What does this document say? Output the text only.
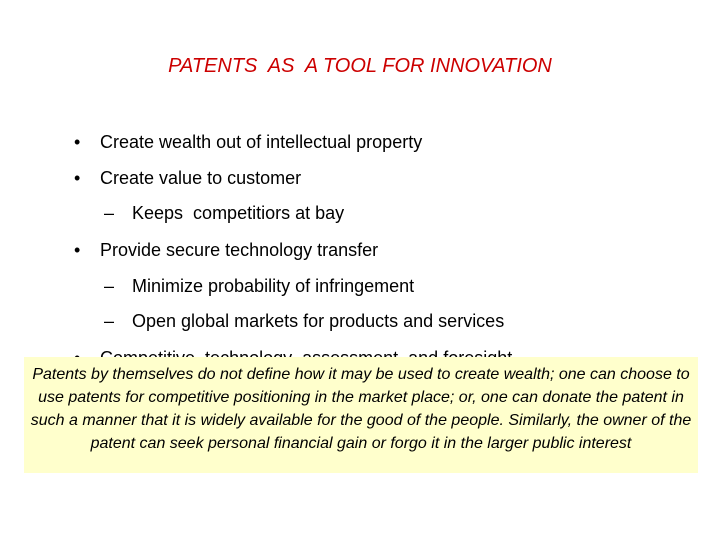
PATENTS  AS  A TOOL FOR INNOVATION

• Create wealth out of intellectual property

• Create value to customer

– Keeps  competitiors at bay

• Provide secure technology transfer

– Minimize probability of infringement

– Open global markets for products and services

Patents by themselves do not define how it may be used to create wealth; one can choose to use patents for competitive positioning in the market place; or, one can donate the patent in such a manner that it is widely available for the good of the people. Similarly, the owner of the patent can seek personal financial gain or forgo it in the larger public interest
